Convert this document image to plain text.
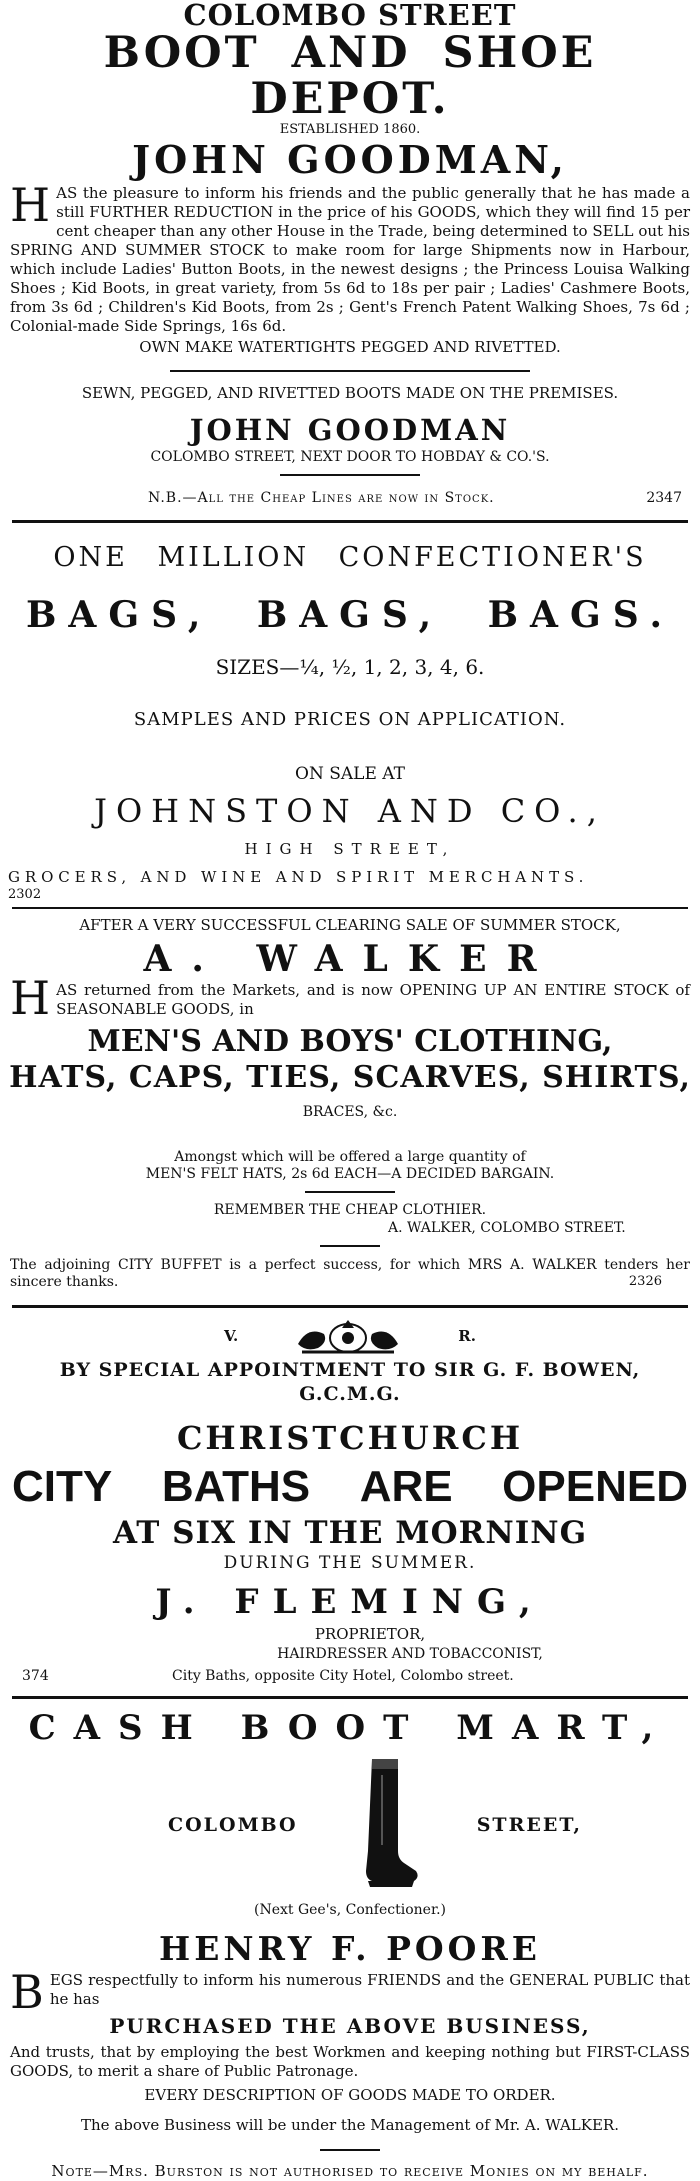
COLOMBO STREET
BOOT AND SHOE DEPOT.
ESTABLISHED 1860.
JOHN GOODMAN,
HAS the pleasure to inform his friends and the public generally that he has made a still FURTHER REDUCTION in the price of his GOODS, which they will find 15 per cent cheaper than any other House in the Trade, being determined to SELL out his SPRING AND SUMMER STOCK to make room for large Shipments now in Harbour, which include Ladies' Button Boots, in the newest designs ; the Princess Louisa Walking Shoes ; Kid Boots, in great variety, from 5s 6d to 18s per pair ; Ladies' Cashmere Boots, from 3s 6d ; Children's Kid Boots, from 2s ; Gent's French Patent Walking Shoes, 7s 6d ; Colonial-made Side Springs, 16s 6d.
OWN MAKE WATERTIGHTS PEGGED AND RIVETTED.
SEWN, PEGGED, AND RIVETTED BOOTS MADE ON THE PREMISES.
JOHN GOODMAN
COLOMBO STREET, NEXT DOOR TO HOBDAY & CO.'S.
N.B.—All the Cheap Lines are now in Stock.	2347
ONE MILLION CONFECTIONER'S
BAGS, BAGS, BAGS.
SIZES—¼, ½, 1, 2, 3, 4, 6.
SAMPLES AND PRICES ON APPLICATION.
ON SALE AT
JOHNSTON AND CO.,
HIGH STREET,
GROCERS, AND WINE AND SPIRIT MERCHANTS.
2302
AFTER A VERY SUCCESSFUL CLEARING SALE OF SUMMER STOCK,
A. WALKER
HAS returned from the Markets, and is now OPENING UP AN ENTIRE STOCK of SEASONABLE GOODS, in
MEN'S AND BOYS' CLOTHING,
HATS, CAPS, TIES, SCARVES, SHIRTS,
BRACES, &c.
Amongst which will be offered a large quantity of
MEN'S FELT HATS, 2s 6d EACH—A DECIDED BARGAIN.
REMEMBER THE CHEAP CLOTHIER.
A. WALKER, COLOMBO STREET.
The adjoining CITY BUFFET is a perfect success, for which MRS A. WALKER tenders her sincere thanks.	2326
V.	R.
BY SPECIAL APPOINTMENT TO SIR G. F. BOWEN, G.C.M.G.
CHRISTCHURCH
CITY BATHS ARE OPENED
AT SIX IN THE MORNING
DURING THE SUMMER.
J. FLEMING,
PROPRIETOR,
HAIRDRESSER AND TOBACCONIST,
374	City Baths, opposite City Hotel, Colombo street.
CASH BOOT MART,
COLOMBO	STREET,
(Next Gee's, Confectioner.)
HENRY F. POORE
BEGS respectfully to inform his numerous FRIENDS and the GENERAL PUBLIC that he has
PURCHASED THE ABOVE BUSINESS,
And trusts, that by employing the best Workmen and keeping nothing but FIRST-CLASS GOODS, to merit a share of Public Patronage.
EVERY DESCRIPTION OF GOODS MADE TO ORDER.
The above Business will be under the Management of Mr. A. WALKER.
Note—Mrs. Burston is not authorised to receive Monies on my behalf.
